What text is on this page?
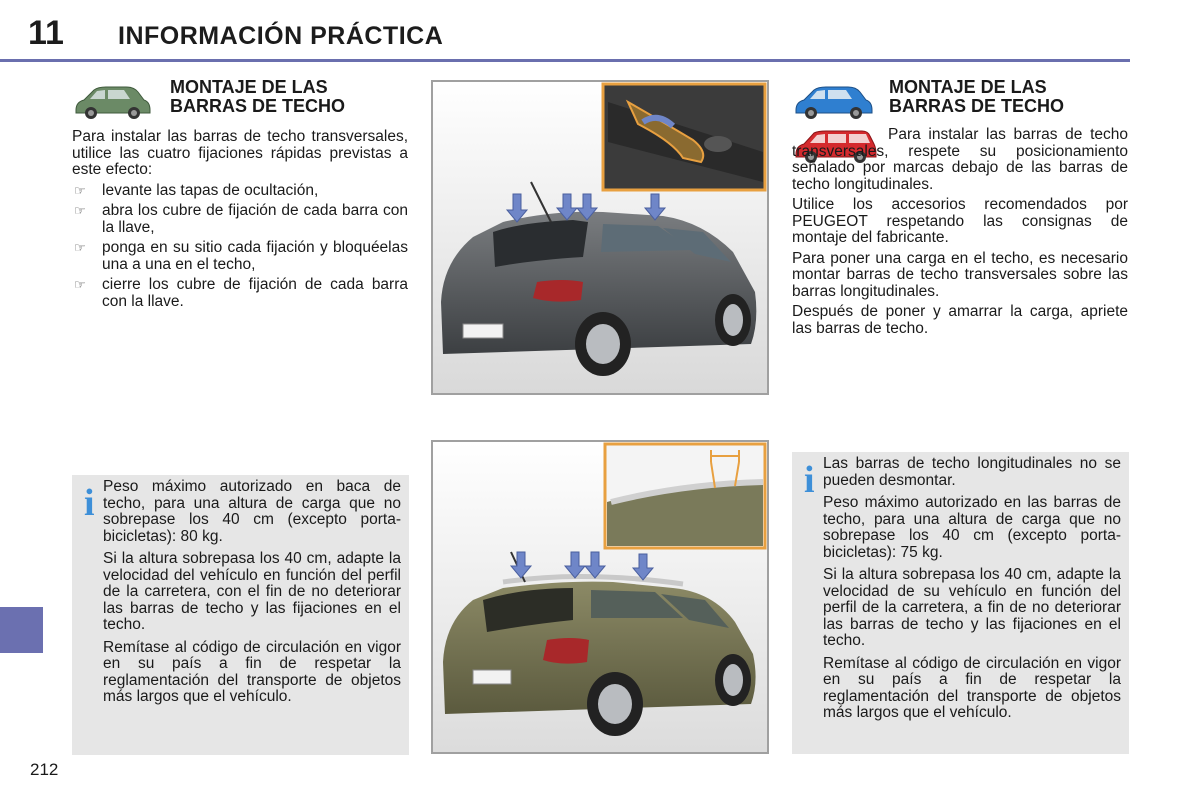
11 INFORMACIÓN PRÁCTICA
MONTAJE DE LAS
BARRAS DE TECHO

Para instalar las barras de techo transversales, utilice las cuatro fijaciones rápidas previstas a este efecto:

☞ levante las tapas de ocultación,
☞ abra los cubre de fijación de cada barra con la llave,
☞ ponga en su sitio cada fijación y bloquéelas una a una en el techo,
☞ cierre los cubre de fijación de cada barra con la llave.
MONTAJE DE LAS
BARRAS DE TECHO

Para instalar las barras de techo transversales, respete su posicionamiento señalado por marcas debajo de las barras de techo longitudinales.

Utilice los accesorios recomendados por PEUGEOT respetando las consignas de montaje del fabricante.

Para poner una carga en el techo, es necesario montar barras de techo transversales sobre las barras longitudinales.

Después de poner y amarrar la carga, apriete las barras de techo.

i Peso máximo autorizado en baca de techo, para una altura de carga que no sobrepase los 40 cm (excepto porta-bicicletas): 80 kg.

Si la altura sobrepasa los 40 cm, adapte la velocidad del vehículo en función del perfil de la carretera, con el fin de no deteriorar las barras de techo y las fijaciones en el techo.

Remítase al código de circulación en vigor en su país a fin de respetar la reglamentación del transporte de objetos más largos que el vehículo.

i Las barras de techo longitudinales no se pueden desmontar.

Peso máximo autorizado en las barras de techo, para una altura de carga que no sobrepase los 40 cm (excepto porta-bicicletas): 75 kg.

Si la altura sobrepasa los 40 cm, adapte la velocidad de su vehículo en función del perfil de la carretera, a fin de no deteriorar las barras de techo y las fijaciones en el techo.

Remítase al código de circulación en vigor en su país a fin de respetar la reglamentación del transporte de objetos más largos que el vehículo.

212
